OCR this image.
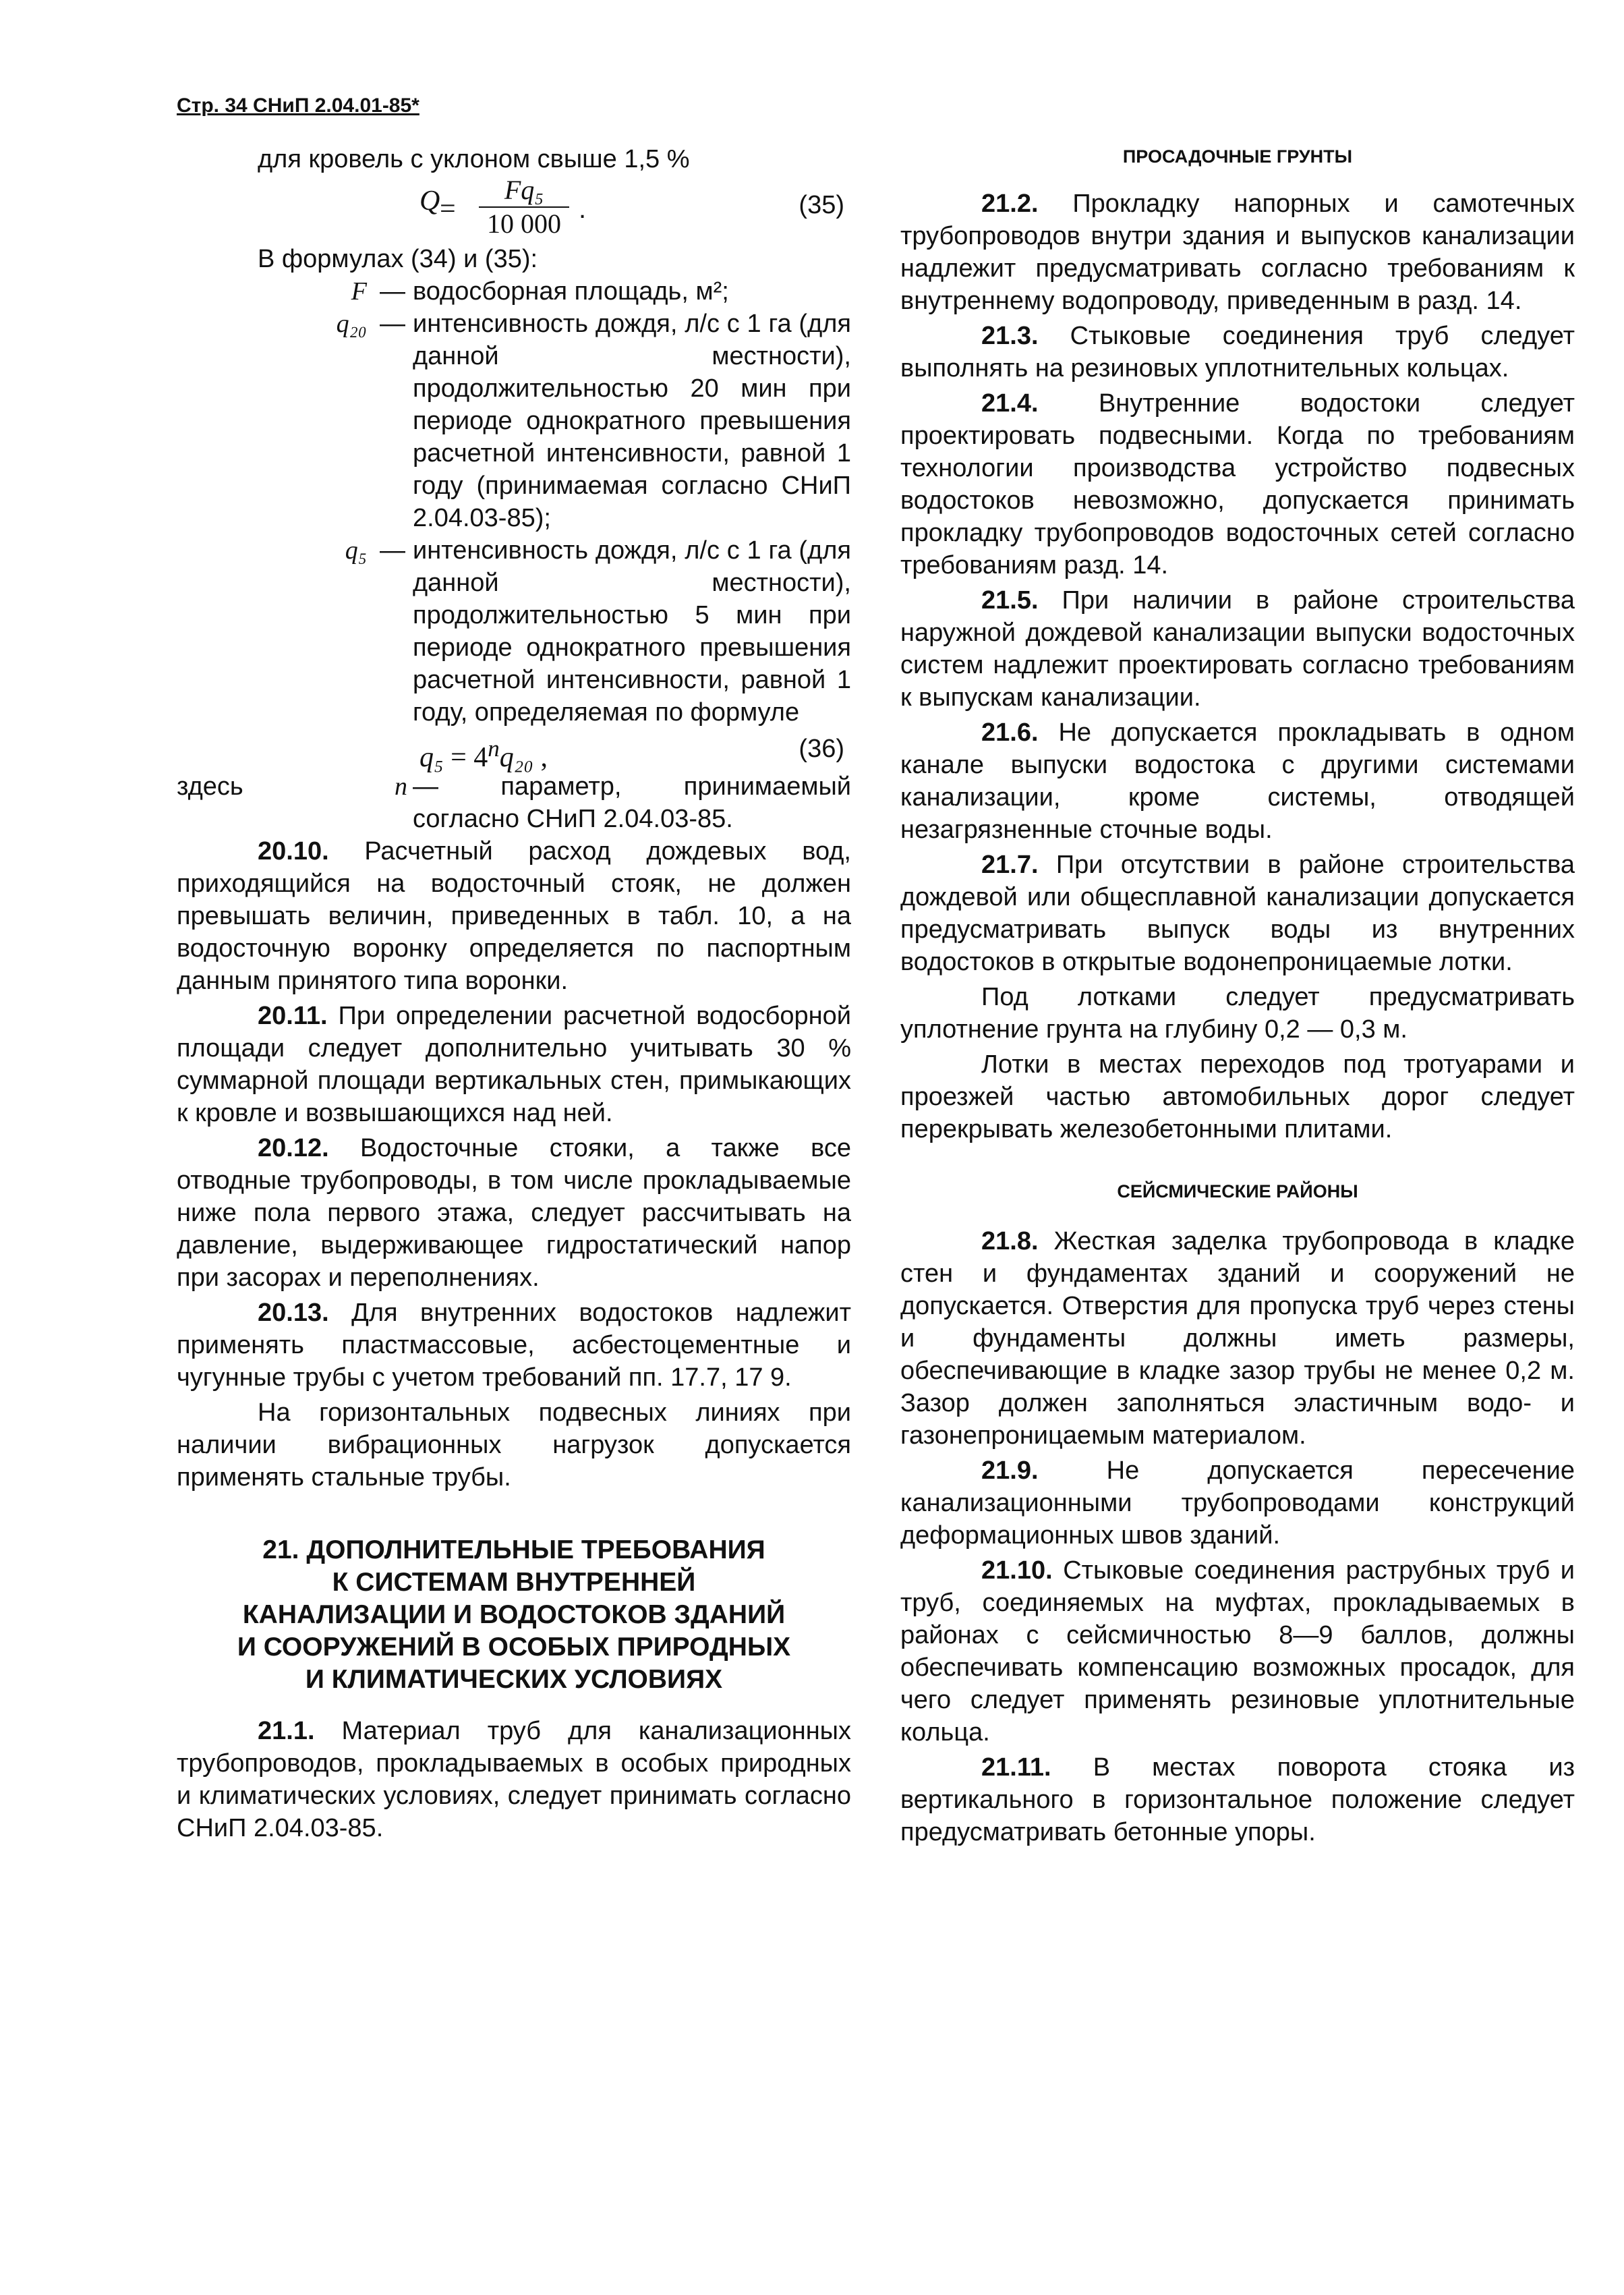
Стр. 34 СНиП 2.04.01-85*

для кровель с уклоном свыше 1,5 %

Q =
Fq₅
10 000 .	(35)

В формулах (34) и (35):

F — водосборная площадь, м²;
q₂₀ — интенсивность дождя, л/с с 1 га (для данной местности), продолжительностью 20 мин при периоде однократного превышения расчетной интенсивности, равной 1 году (принимаемая согласно СНиП 2.04.03-85);
q₅ — интенсивность дождя, л/с с 1 га (для данной местности), продолжительностью 5 мин при периоде однократного превышения расчетной интенсивности, равной 1 году, определяемая по формуле
$q_5 = 4^nq_{20}$ ,	(36)
здесь	n — параметр, принимаемый согласно СНиП 2.04.03-85.

20.10. Расчетный расход дождевых вод, приходящийся на водосточный стояк, не должен превышать величин, приведенных в табл. 10, а на водосточную воронку определяется по паспортным данным принятого типа воронки.

20.11. При определении расчетной водосборной площади следует дополнительно учитывать 30 % суммарной площади вертикальных стен, примыкающих к кровле и возвышающихся над ней.

20.12. Водосточные стояки, а также все отводные трубопроводы, в том числе прокладываемые ниже пола первого этажа, следует рассчитывать на давление, выдерживающее гидростатический напор при засорах и переполнениях.

20.13. Для внутренних водостоков надлежит применять пластмассовые, асбестоцементные и чугунные трубы с учетом требований пп. 17.7, 17 9.

На горизонтальных подвесных линиях при наличии вибрационных нагрузок допускается применять стальные трубы.

21. ДОПОЛНИТЕЛЬНЫЕ ТРЕБОВАНИЯ
К СИСТЕМАМ ВНУТРЕННЕЙ
КАНАЛИЗАЦИИ И ВОДОСТОКОВ ЗДАНИЙ
И СООРУЖЕНИЙ В ОСОБЫХ ПРИРОДНЫХ
И КЛИМАТИЧЕСКИХ УСЛОВИЯХ

21.1. Материал труб для канализационных трубопроводов, прокладываемых в особых природных и климатических условиях, следует принимать согласно СНиП 2.04.03-85.

ПРОСАДОЧНЫЕ ГРУНТЫ

21.2. Прокладку напорных и самотечных трубопроводов внутри здания и выпусков канализации надлежит предусматривать согласно требованиям к внутреннему водопроводу, приведенным в разд. 14.

21.3. Стыковые соединения труб следует выполнять на резиновых уплотнительных кольцах.

21.4. Внутренние водостоки следует проектировать подвесными. Когда по требованиям технологии производства устройство подвесных водостоков невозможно, допускается принимать прокладку трубопроводов водосточных сетей согласно требованиям разд. 14.

21.5. При наличии в районе строительства наружной дождевой канализации выпуски водосточных систем надлежит проектировать согласно требованиям к выпускам канализации.

21.6. Не допускается прокладывать в одном канале выпуски водостока с другими системами канализации, кроме системы, отводящей незагрязненные сточные воды.

21.7. При отсутствии в районе строительства дождевой или общесплавной канализации допускается предусматривать выпуск воды из внутренних водостоков в открытые водонепроницаемые лотки.

Под лотками следует предусматривать уплотнение грунта на глубину 0,2 — 0,3 м.

Лотки в местах переходов под тротуарами и проезжей частью автомобильных дорог следует перекрывать железобетонными плитами.

СЕЙСМИЧЕСКИЕ РАЙОНЫ

21.8. Жесткая заделка трубопровода в кладке стен и фундаментах зданий и сооружений не допускается. Отверстия для пропуска труб через стены и фундаменты должны иметь размеры, обеспечивающие в кладке зазор трубы не менее 0,2 м. Зазор должен заполняться эластичным водо- и газонепроницаемым материалом.

21.9. Не допускается пересечение канализационными трубопроводами конструкций деформационных швов зданий.

21.10. Стыковые соединения раструбных труб и труб, соединяемых на муфтах, прокладываемых в районах с сейсмичностью 8—9 баллов, должны обеспечивать компенсацию возможных просадок, для чего следует применять резиновые уплотнительные кольца.

21.11. В местах поворота стояка из вертикального в горизонтальное положение следует предусматривать бетонные упоры.
